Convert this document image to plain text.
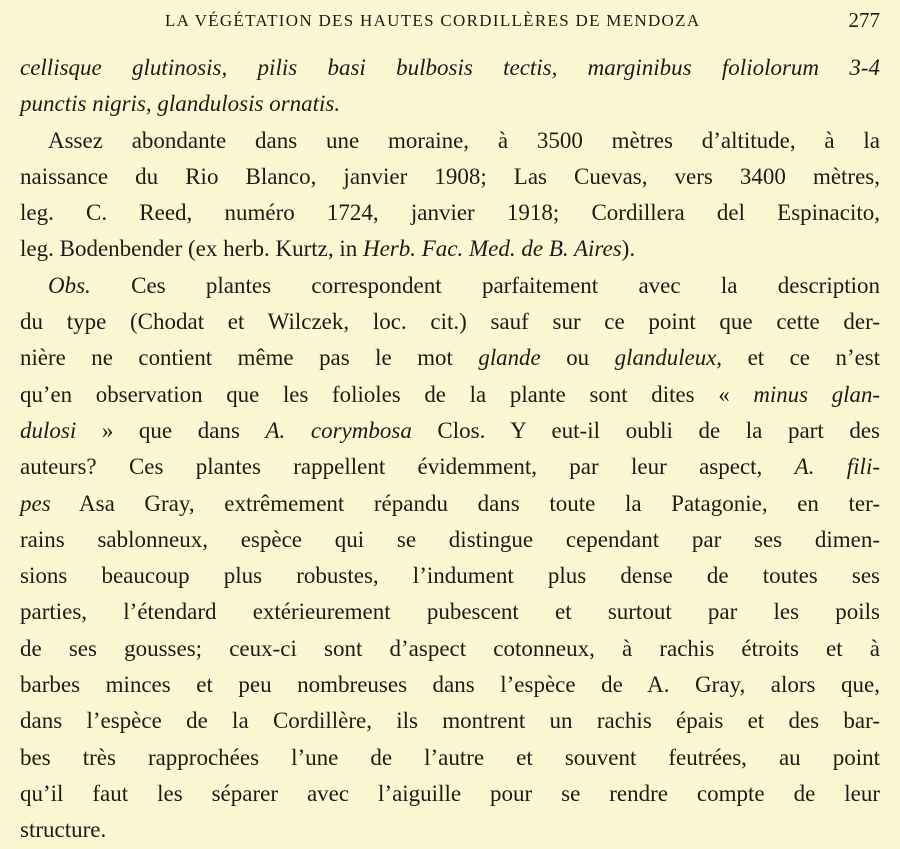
LA VÉGÉTATION DES HAUTES CORDILLÈRES DE MENDOZA	277
cellisque glutinosis, pilis basi bulbosis tectis, marginibus foliolorum 3-4
punctis nigris, glandulosis ornatis.
Assez abondante dans une moraine, à 3500 mètres d’altitude, à la
naissance du Rio Blanco, janvier 1908; Las Cuevas, vers 3400 mètres,
leg. C. Reed, numéro 1724, janvier 1918; Cordillera del Espinacito,
leg. Bodenbender (ex herb. Kurtz, in Herb. Fac. Med. de B. Aires).
Obs. Ces plantes correspondent parfaitement avec la description
du type (Chodat et Wilczek, loc. cit.) sauf sur ce point que cette der-
nière ne contient même pas le mot glande ou glanduleux, et ce n’est
qu’en observation que les folioles de la plante sont dites « minus glan-
dulosi » que dans A. corymbosa Clos. Y eut-il oubli de la part des
auteurs? Ces plantes rappellent évidemment, par leur aspect, A. fili-
pes Asa Gray, extrêmement répandu dans toute la Patagonie, en ter-
rains sablonneux, espèce qui se distingue cependant par ses dimen-
sions beaucoup plus robustes, l’indument plus dense de toutes ses
parties, l’étendard extérieurement pubescent et surtout par les poils
de ses gousses; ceux-ci sont d’aspect cotonneux, à rachis étroits et à
barbes minces et peu nombreuses dans l’espèce de A. Gray, alors que,
dans l’espèce de la Cordillère, ils montrent un rachis épais et des bar-
bes très rapprochées l’une de l’autre et souvent feutrées, au point
qu’il faut les séparer avec l’aiguille pour se rendre compte de leur
structure.
